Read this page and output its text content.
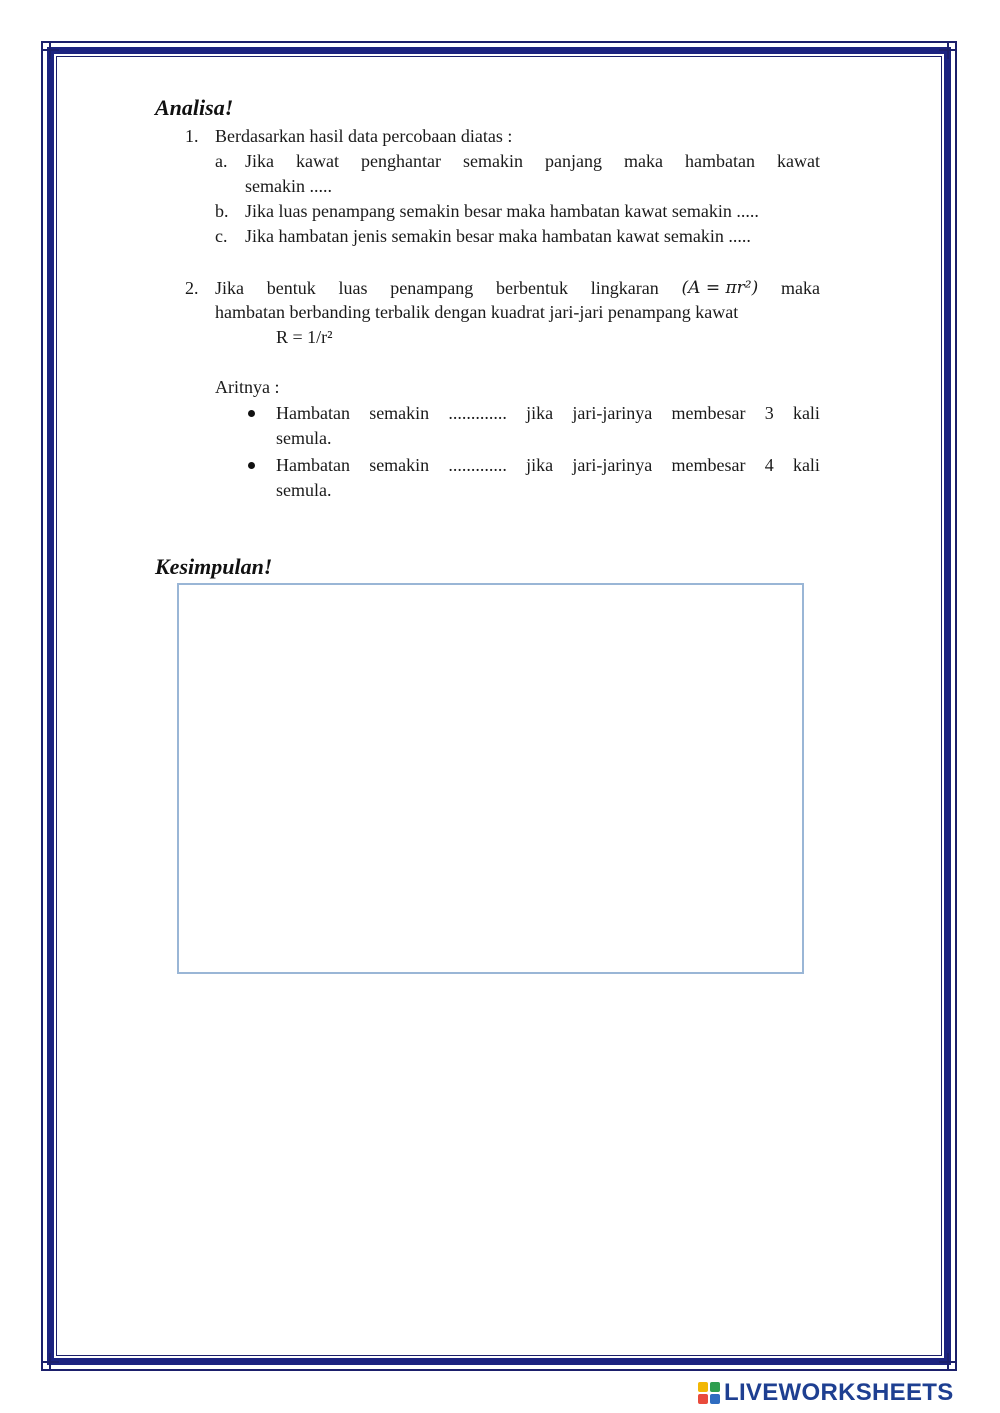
Analisa!
1. Berdasarkan hasil data percobaan diatas :
a. Jika kawat penghantar semakin panjang maka hambatan kawat
semakin .....
b. Jika luas penampang semakin besar maka hambatan kawat semakin .....
c. Jika hambatan jenis semakin besar maka hambatan kawat semakin .....
2. Jika bentuk luas penampang berbentuk lingkaran (A = πr²) maka
hambatan berbanding terbalik dengan kuadrat jari-jari penampang kawat
R = 1/r²
Aritnya :
Hambatan semakin ............. jika jari-jarinya membesar 3 kali
semula.
Hambatan semakin ............. jika jari-jarinya membesar 4 kali
semula.
Kesimpulan!
LIVEWORKSHEETS
